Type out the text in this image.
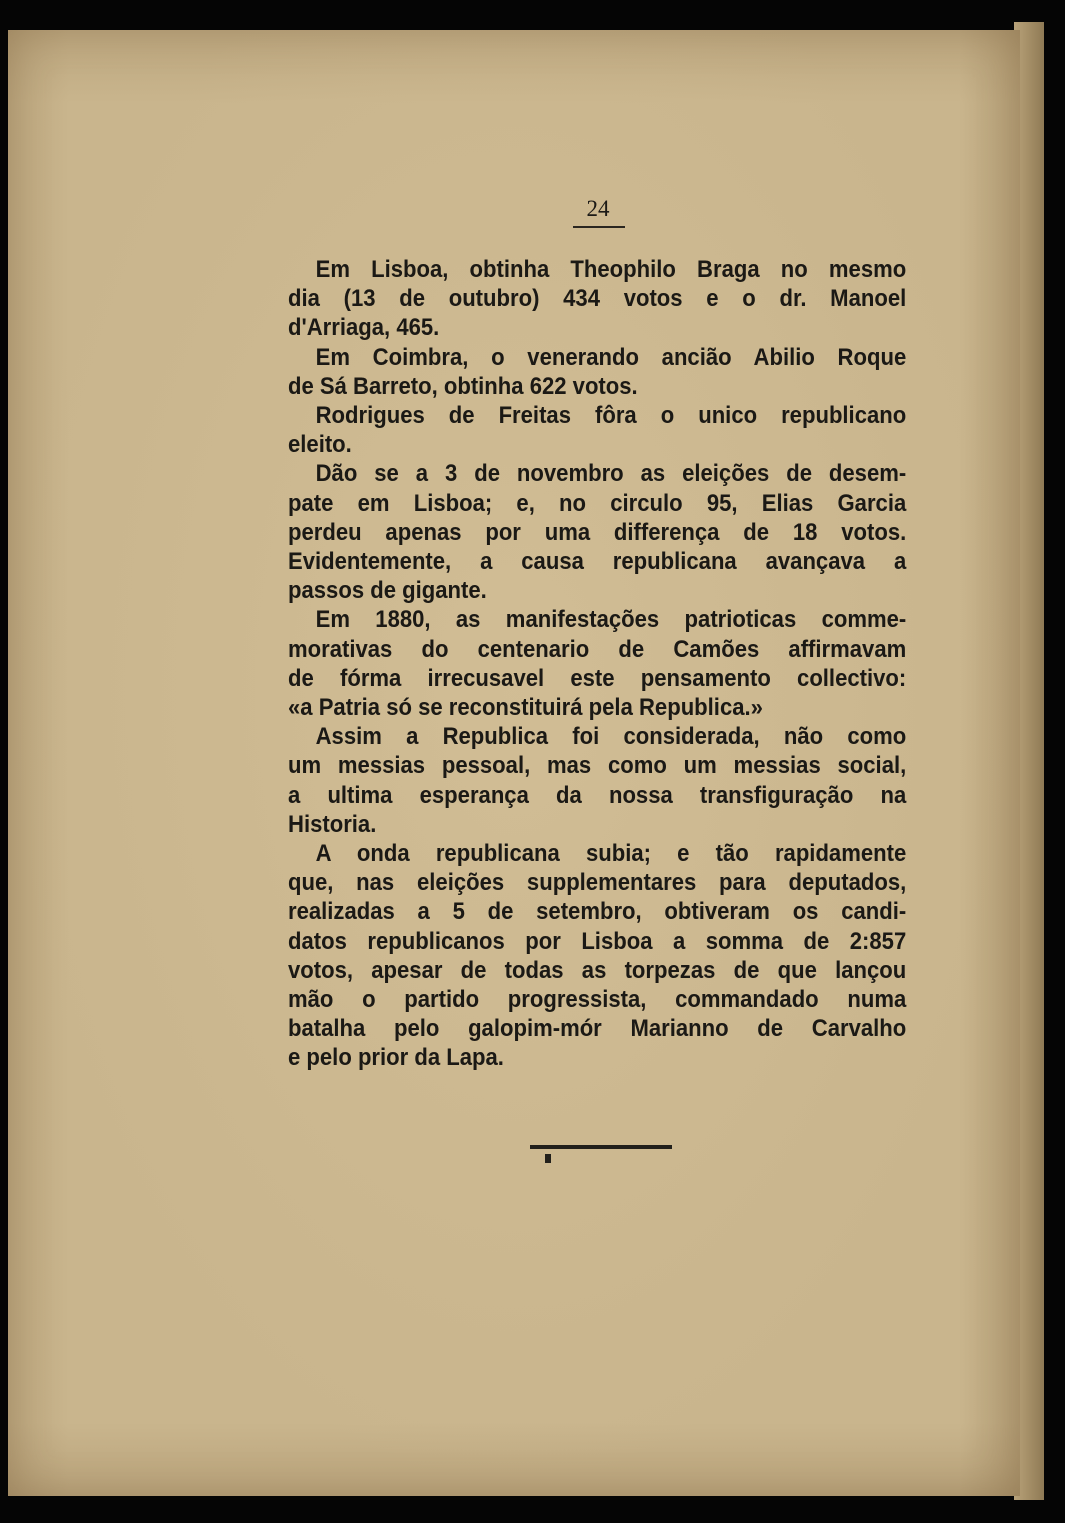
24
Em Lisboa, obtinha Theophilo Braga no mesmo
dia (13 de outubro) 434 votos e o dr. Manoel
d'Arriaga, 465.
Em Coimbra, o venerando ancião Abilio Roque
de Sá Barreto, obtinha 622 votos.
Rodrigues de Freitas fôra o unico republicano
eleito.
Dão se a 3 de novembro as eleições de desem-
pate em Lisboa; e, no circulo 95, Elias Garcia
perdeu apenas por uma differença de 18 votos.
Evidentemente, a causa republicana avançava a
passos de gigante.
Em 1880, as manifestações patrioticas comme-
morativas do centenario de Camões affirmavam
de fórma irrecusavel este pensamento collectivo:
«a Patria só se reconstituirá pela Republica.»
Assim a Republica foi considerada, não como
um messias pessoal, mas como um messias social,
a ultima esperança da nossa transfiguração na
Historia.
A onda republicana subia; e tão rapidamente
que, nas eleições supplementares para deputados,
realizadas a 5 de setembro, obtiveram os candi-
datos republicanos por Lisboa a somma de 2:857
votos, apesar de todas as torpezas de que lançou
mão o partido progressista, commandado numa
batalha pelo galopim-mór Marianno de Carvalho
e pelo prior da Lapa.
